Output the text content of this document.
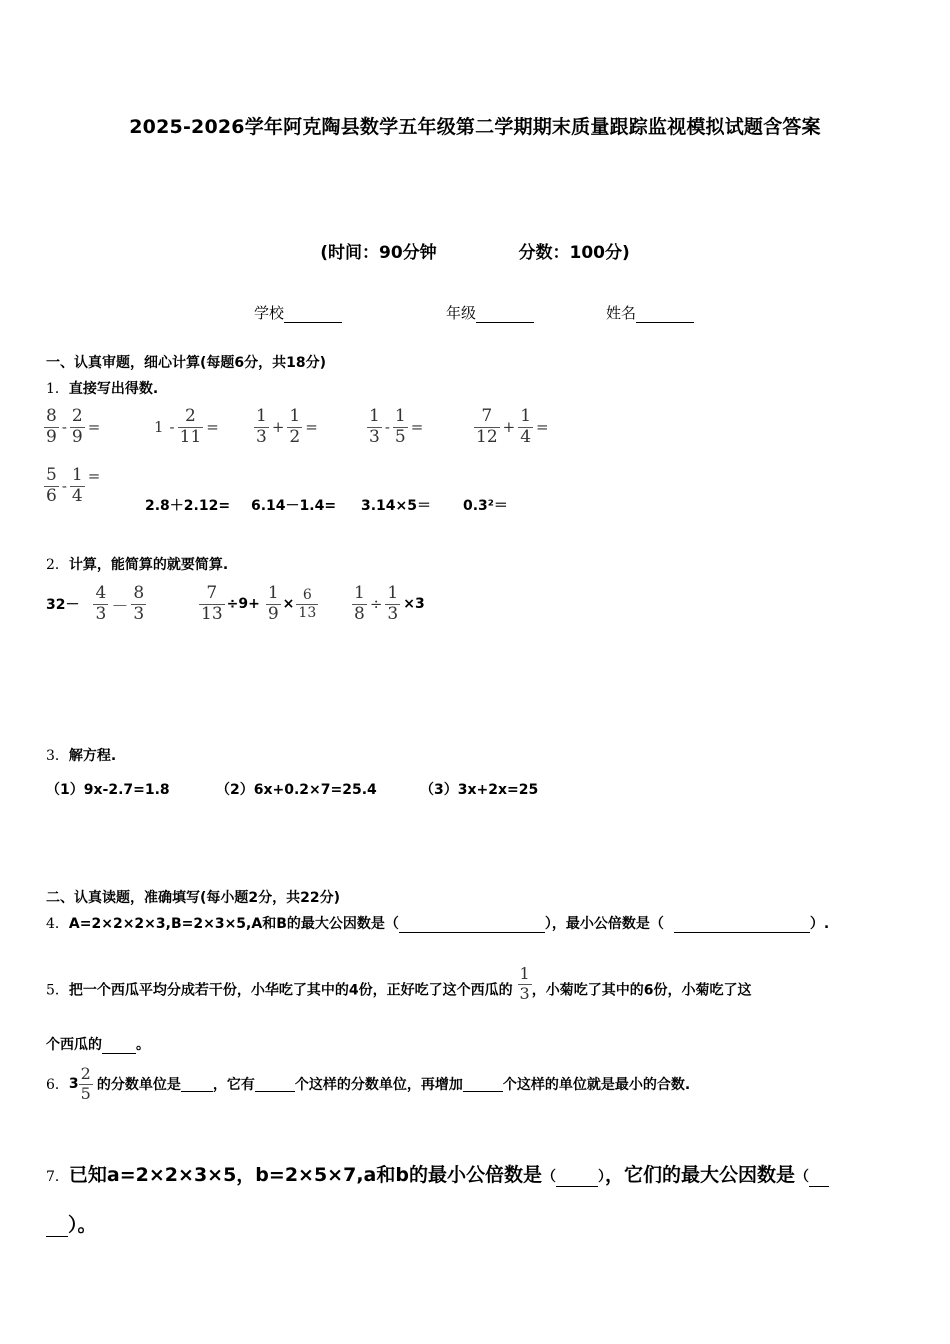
2025-2026学年阿克陶县数学五年级第二学期期末质量跟踪监视模拟试题含答案
(时间：90分钟	分数：100分)
学校	年级	姓名
一、认真审题，细心计算(每题6分，共18分)
1．直接写出得数.
$\frac{8}{9} - \frac{2}{9}$ =	$1 - \frac{2}{11} = \frac{1}{3} + \frac{1}{2}$ =	$\frac{1}{3} - \frac{1}{5}$ =	$\frac{7}{12} + \frac{1}{4}$ =
$\frac{5}{6} - \frac{1}{4}$ =
2.8＋2.12= 6.14－1.4= 3.14×5＝ 0.3²＝
2．计算，能简算的就要简算.
$32- \frac{4}{3} - \frac{8}{3}$	$\frac{7}{13} \div 9+ \frac{1}{9} \times \frac{6}{13} \frac{1}{8} \div \frac{1}{3} \times 3$
3．解方程.
（1）9x-2.7=1.8	（2）6x+0.2×7=25.4	（3）3x+2x=25
二、认真读题，准确填写(每小题2分，共22分)
4．A=2×2×2×3,B=2×3×5,A和B的最大公因数是（	），最小公倍数是（	）.
5．把一个西瓜平均分成若干份，小华吃了其中的4份，正好吃了这个西瓜的 $\frac{1}{3}$ ，小菊吃了其中的6份，小菊吃了这
个西瓜的 。
6． $3 \frac{2}{5}$ 的分数单位是 ，它有	个这样的分数单位，再增加	个这样的单位就是最小的合数.
7．已知a=2×2×3×5，b=2×5×7,a和b的最小公倍数是（	），它们的最大公因数是（
）。
